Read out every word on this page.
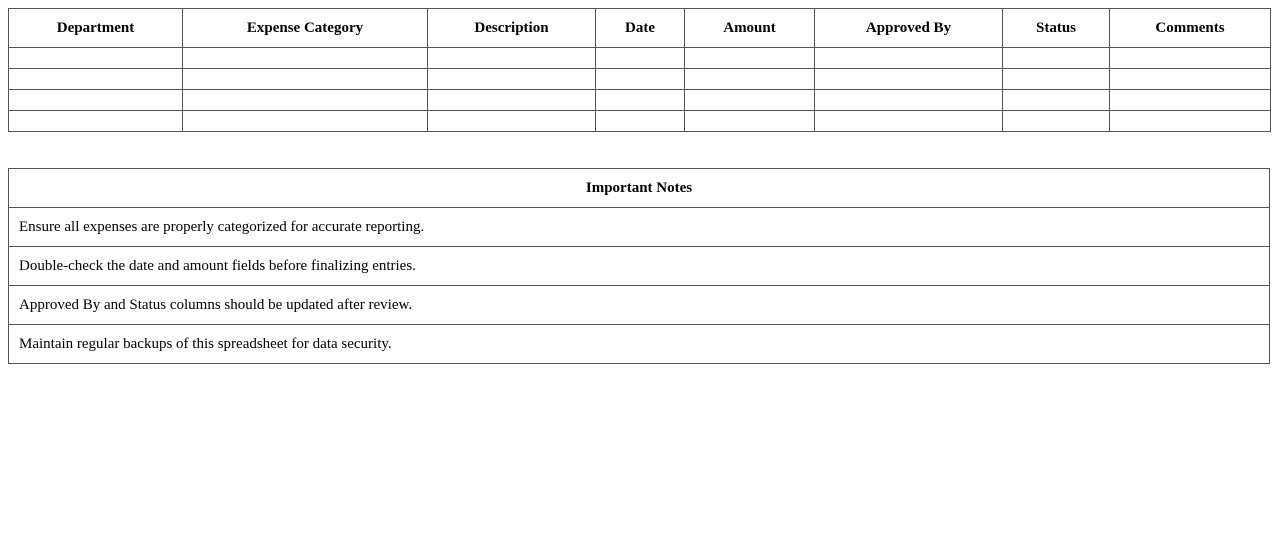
Department	Expense Category	Description	Date	Amount	Approved By	Status	Comments

Important Notes
Ensure all expenses are properly categorized for accurate reporting.
Double-check the date and amount fields before finalizing entries.
Approved By and Status columns should be updated after review.
Maintain regular backups of this spreadsheet for data security.
